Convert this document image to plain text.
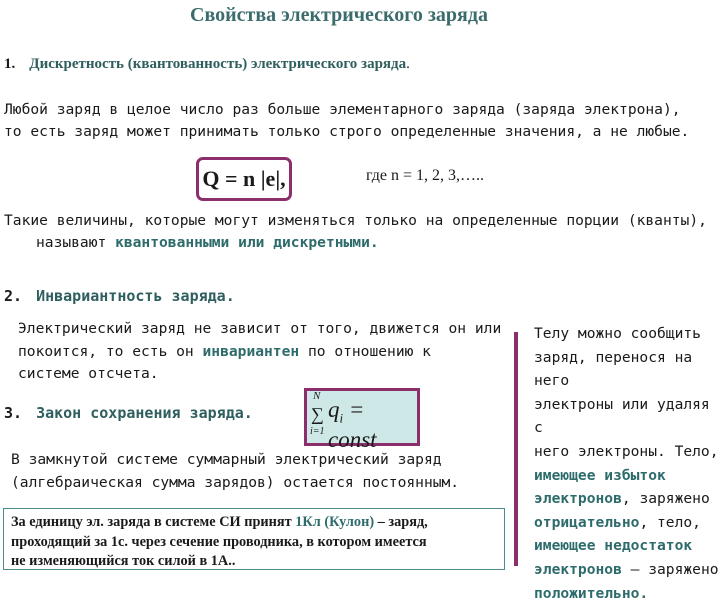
Свойства электрического заряда
1. Дискретность (квантованность) электрического заряда.
Любой заряд в целое число раз больше элементарного заряда (заряда электрона),
то есть заряд может принимать только строго определенные значения, а не любые.
Q = n |e|,	где n = 1, 2, 3,…..
Такие величины, которые могут изменяться только на определенные порции (кванты),
называют квантованными или дискретными.
2. Инвариантность заряда.
Электрический заряд не зависит от того, движется он или
покоится, то есть он инвариантен по отношению к
системе отсчета.
3. Закон сохранения заряда.
N
∑
i=1
$q_i$ = const
В замкнутой системе суммарный электрический заряд
(алгебраическая сумма зарядов) остается постоянным.
Телу можно сообщить
заряд, перенося на него
электроны или удаляя с
него электроны. Тело,
имеющее избыток
электронов, заряжено
отрицательно, тело,
имеющее недостаток
электронов – заряжено
положительно.
За единицу эл. заряда в системе СИ принят 1Кл (Кулон) – заряд,
проходящий за 1с. через сечение проводника, в котором имеется
не изменяющийся ток силой в 1А..
